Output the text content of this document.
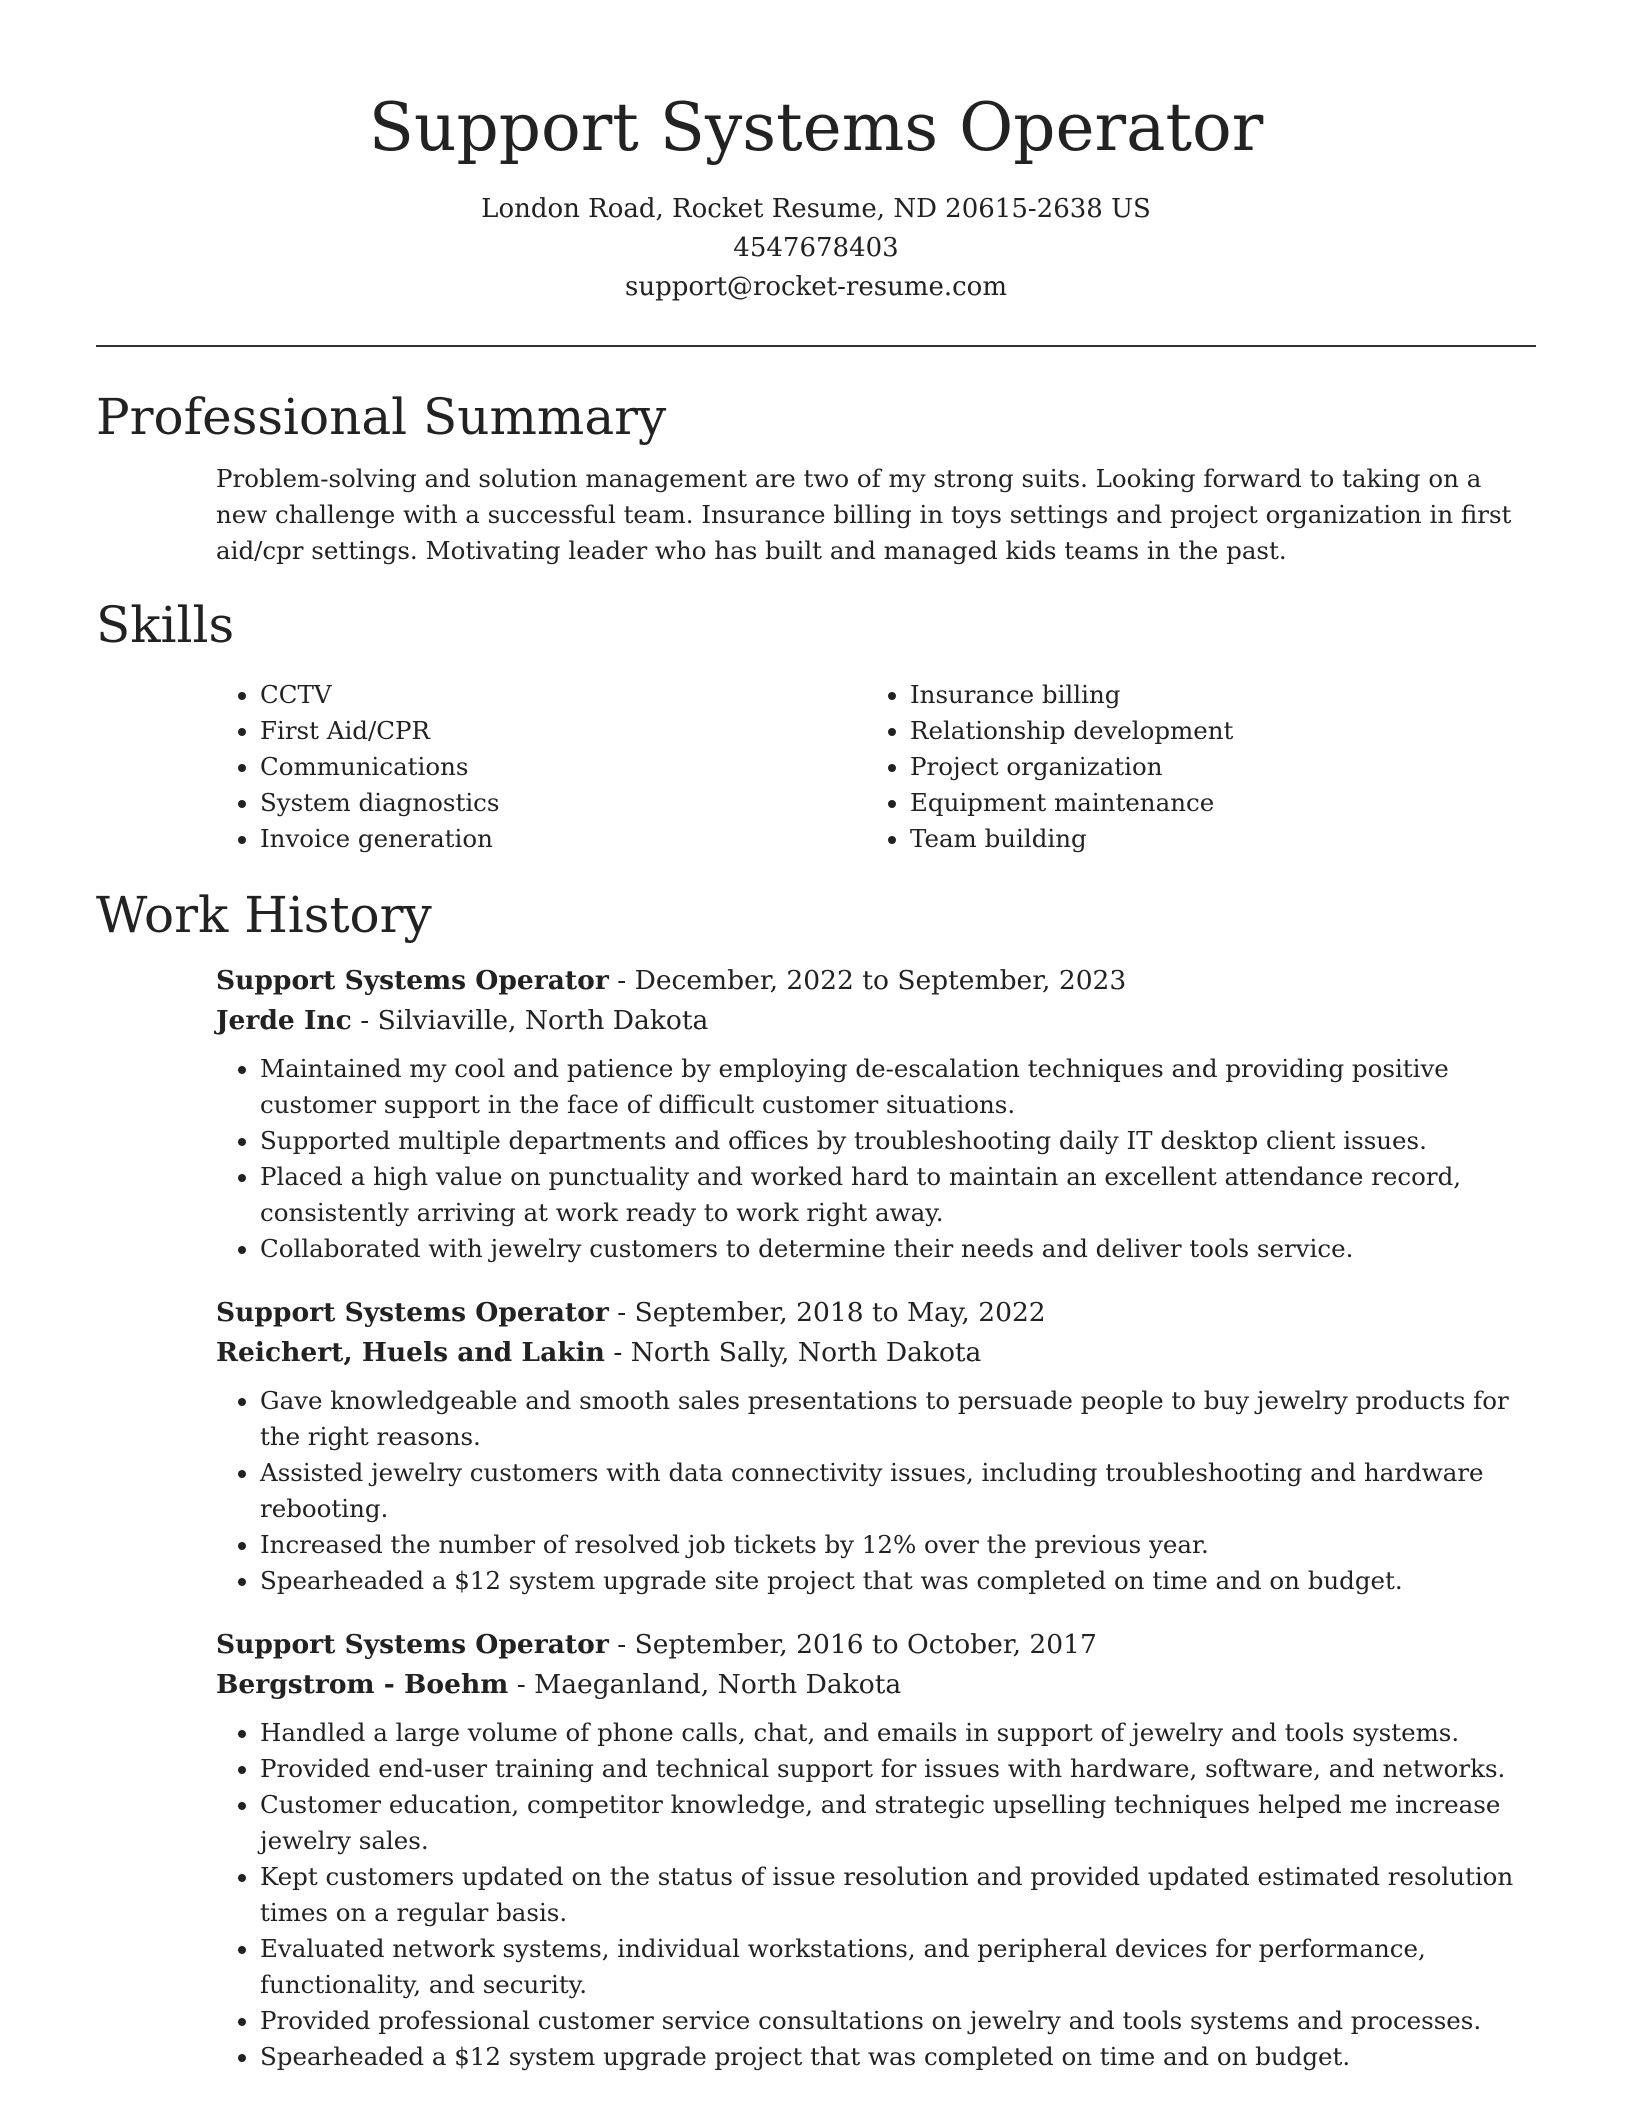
Support Systems Operator

London Road, Rocket Resume, ND 20615-2638 US

4547678403

support@rocket-resume.com

Professional Summary

Problem-solving and solution management are two of my strong suits. Looking forward to taking on a new challenge with a successful team. Insurance billing in toys settings and project organization in first aid/cpr settings. Motivating leader who has built and managed kids teams in the past.

Skills
• CCTV
• First Aid/CPR
• Communications
• System diagnostics
• Invoice generation
• Insurance billing
• Relationship development
• Project organization
• Equipment maintenance
• Team building
Work History

Support Systems Operator - December, 2022 to September, 2023

Jerde Inc - Silviaville, North Dakota

• Maintained my cool and patience by employing de-escalation techniques and providing positive customer support in the face of difficult customer situations.
• Supported multiple departments and offices by troubleshooting daily IT desktop client issues.
• Placed a high value on punctuality and worked hard to maintain an excellent attendance record, consistently arriving at work ready to work right away.
• Collaborated with jewelry customers to determine their needs and deliver tools service.

Support Systems Operator - September, 2018 to May, 2022

Reichert, Huels and Lakin - North Sally, North Dakota

• Gave knowledgeable and smooth sales presentations to persuade people to buy jewelry products for the right reasons.
• Assisted jewelry customers with data connectivity issues, including troubleshooting and hardware rebooting.
• Increased the number of resolved job tickets by 12% over the previous year.
• Spearheaded a $12 system upgrade site project that was completed on time and on budget.

Support Systems Operator - September, 2016 to October, 2017

Bergstrom - Boehm - Maeganland, North Dakota

• Handled a large volume of phone calls, chat, and emails in support of jewelry and tools systems.
• Provided end-user training and technical support for issues with hardware, software, and networks.
• Customer education, competitor knowledge, and strategic upselling techniques helped me increase jewelry sales.
• Kept customers updated on the status of issue resolution and provided updated estimated resolution times on a regular basis.
• Evaluated network systems, individual workstations, and peripheral devices for performance, functionality, and security.
• Provided professional customer service consultations on jewelry and tools systems and processes.
• Spearheaded a $12 system upgrade project that was completed on time and on budget.
